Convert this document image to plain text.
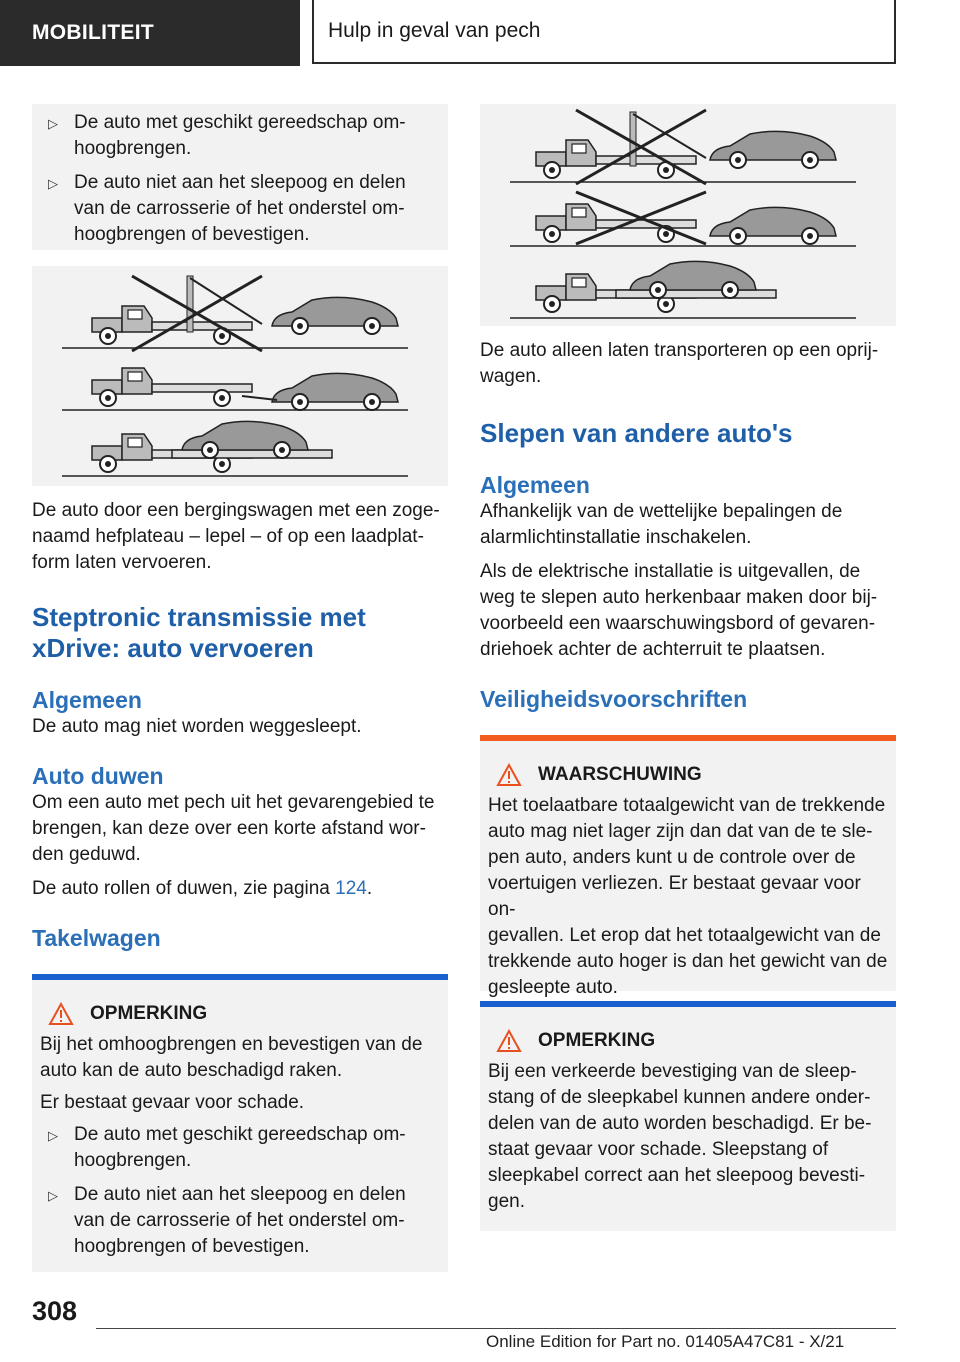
MOBILITEIT	Hulp in geval van pech
▷ De auto met geschikt gereedschap om-
hoogbrengen.
▷ De auto niet aan het sleepoog en delen
van de carrosserie of het onderstel om-
hoogbrengen of bevestigen.

De auto door een bergingswagen met een zoge-
naamd hefplateau – lepel – of op een laadplat-
form laten vervoeren.

Steptronic transmissie met
xDrive: auto vervoeren
Algemeen

De auto mag niet worden weggesleept.

Auto duwen

Om een auto met pech uit het gevarengebied te
brengen, kan deze over een korte afstand wor-
den geduwd.

De auto rollen of duwen, zie pagina 124.

Takelwagen
OPMERKING

Bij het omhoogbrengen en bevestigen van de
auto kan de auto beschadigd raken.

Er bestaat gevaar voor schade.

▷ De auto met geschikt gereedschap om-
hoogbrengen.
▷ De auto niet aan het sleepoog en delen
van de carrosserie of het onderstel om-
hoogbrengen of bevestigen.

De auto alleen laten transporteren op een oprij-
wagen.

Slepen van andere auto's
Algemeen

Afhankelijk van de wettelijke bepalingen de
alarmlichtinstallatie inschakelen.

Als de elektrische installatie is uitgevallen, de
weg te slepen auto herkenbaar maken door bij-
voorbeeld een waarschuwingsbord of gevaren-
driehoek achter de achterruit te plaatsen.

Veiligheidsvoorschriften
WAARSCHUWING

Het toelaatbare totaalgewicht van de trekkende
auto mag niet lager zijn dan dat van de te sle-
pen auto, anders kunt u de controle over de
voertuigen verliezen. Er bestaat gevaar voor on-
gevallen. Let erop dat het totaalgewicht van de
trekkende auto hoger is dan het gewicht van de
gesleepte auto.

OPMERKING

Bij een verkeerde bevestiging van de sleep-
stang of de sleepkabel kunnen andere onder-
delen van de auto worden beschadigd. Er be-
staat gevaar voor schade. Sleepstang of
sleepkabel correct aan het sleepoog bevesti-
gen.

308
Online Edition for Part no. 01405A47C81 - X/21
